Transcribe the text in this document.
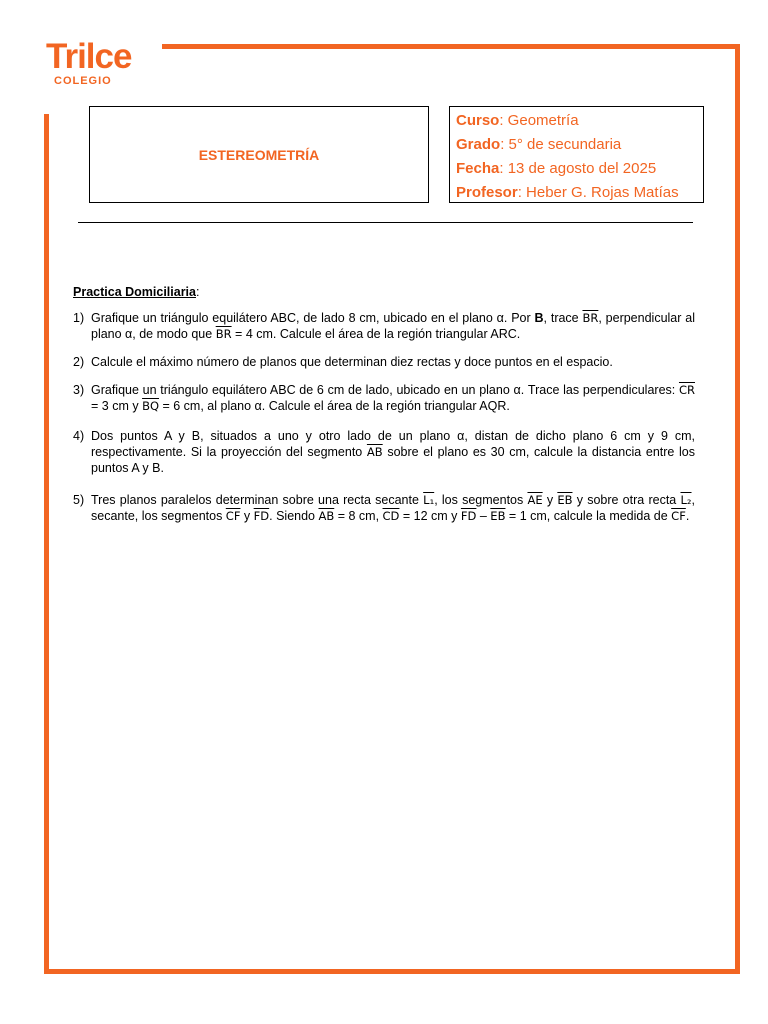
Trilce
COLEGIO
ESTEREOMETRÍA
Curso: Geometría
Grado: 5° de secundaria
Fecha: 13 de agosto del 2025
Profesor: Heber G. Rojas Matías
Practica Domiciliaria :
1) Grafique un triángulo equilátero ABC, de lado 8 cm, ubicado en el plano α. Por B, trace $\overline{BR}$, perpendicular al plano α, de modo que $\overline{BR} = 4$ cm. Calcule el área de la región triangular ARC.
2) Calcule el máximo número de planos que determinan diez rectas y doce puntos en el espacio.
3) Grafique un triángulo equilátero ABC de 6 cm de lado, ubicado en un plano α. Trace las perpendiculares: $\overline{CR} = 3$ cm y $\overline{BQ} = 6$ cm, al plano α. Calcule el área de la región triangular AQR.
4) Dos puntos A y B, situados a uno y otro lado de un plano α, distan de dicho plano 6 cm y 9 cm, respectivamente. Si la proyección del segmento $\overline{AB}$ sobre el plano es 30 cm, calcule la distancia entre los puntos A y B.
5) Tres planos paralelos determinan sobre una recta secante L₁, los segmentos $\overline{AE}$ y $\overline{EB}$ y sobre otra recta L₂, secante, los segmentos $\overline{CF}$ y $\overline{FD}$. Siendo $\overline{AB} = 8$ cm, $\overline{CD} = 12$ cm y $\overline{FD} - \overline{EB} = 1$ cm, calcule la medida de $\overline{CF}$.
